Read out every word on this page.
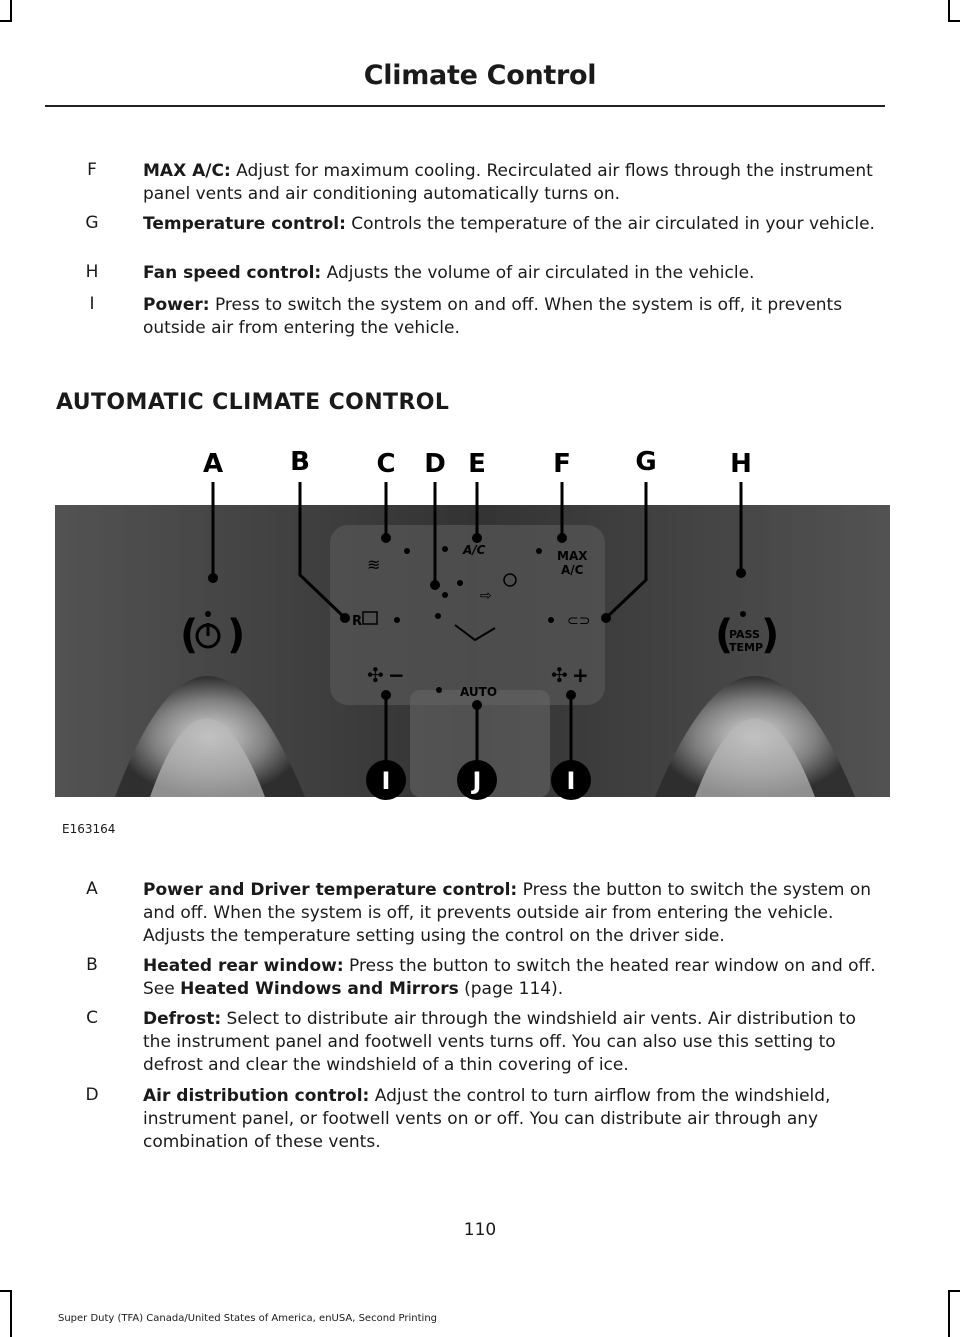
Climate Control
F	MAX A/C: Adjust for maximum cooling. Recirculated air flows through the instrument panel vents and air conditioning automatically turns on.
G	Temperature control: Controls the temperature of the air circulated in your vehicle.
H	Fan speed control: Adjusts the volume of air circulated in the vehicle.
I	Power: Press to switch the system on and off. When the system is off, it prevents outside air from entering the vehicle.
AUTOMATIC CLIMATE CONTROL
( )	(
PASS
TEMP
)
≋
A/C	MAX
A/C
R
⇨
⊂⊃
✣ −
AUTO
✣ +
A	B	C D E	F G	H
I	J	I
E163164
A	Power and Driver temperature control: Press the button to switch the system on and off. When the system is off, it prevents outside air from entering the vehicle. Adjusts the temperature setting using the control on the driver side.
B	Heated rear window: Press the button to switch the heated rear window on and off. See Heated Windows and Mirrors (page 114).
C	Defrost: Select to distribute air through the windshield air vents. Air distribution to the instrument panel and footwell vents turns off. You can also use this setting to defrost and clear the windshield of a thin covering of ice.
D	Air distribution control: Adjust the control to turn airflow from the windshield, instrument panel, or footwell vents on or off. You can distribute air through any combination of these vents.
110
Super Duty (TFA) Canada/United States of America, enUSA, Second Printing
